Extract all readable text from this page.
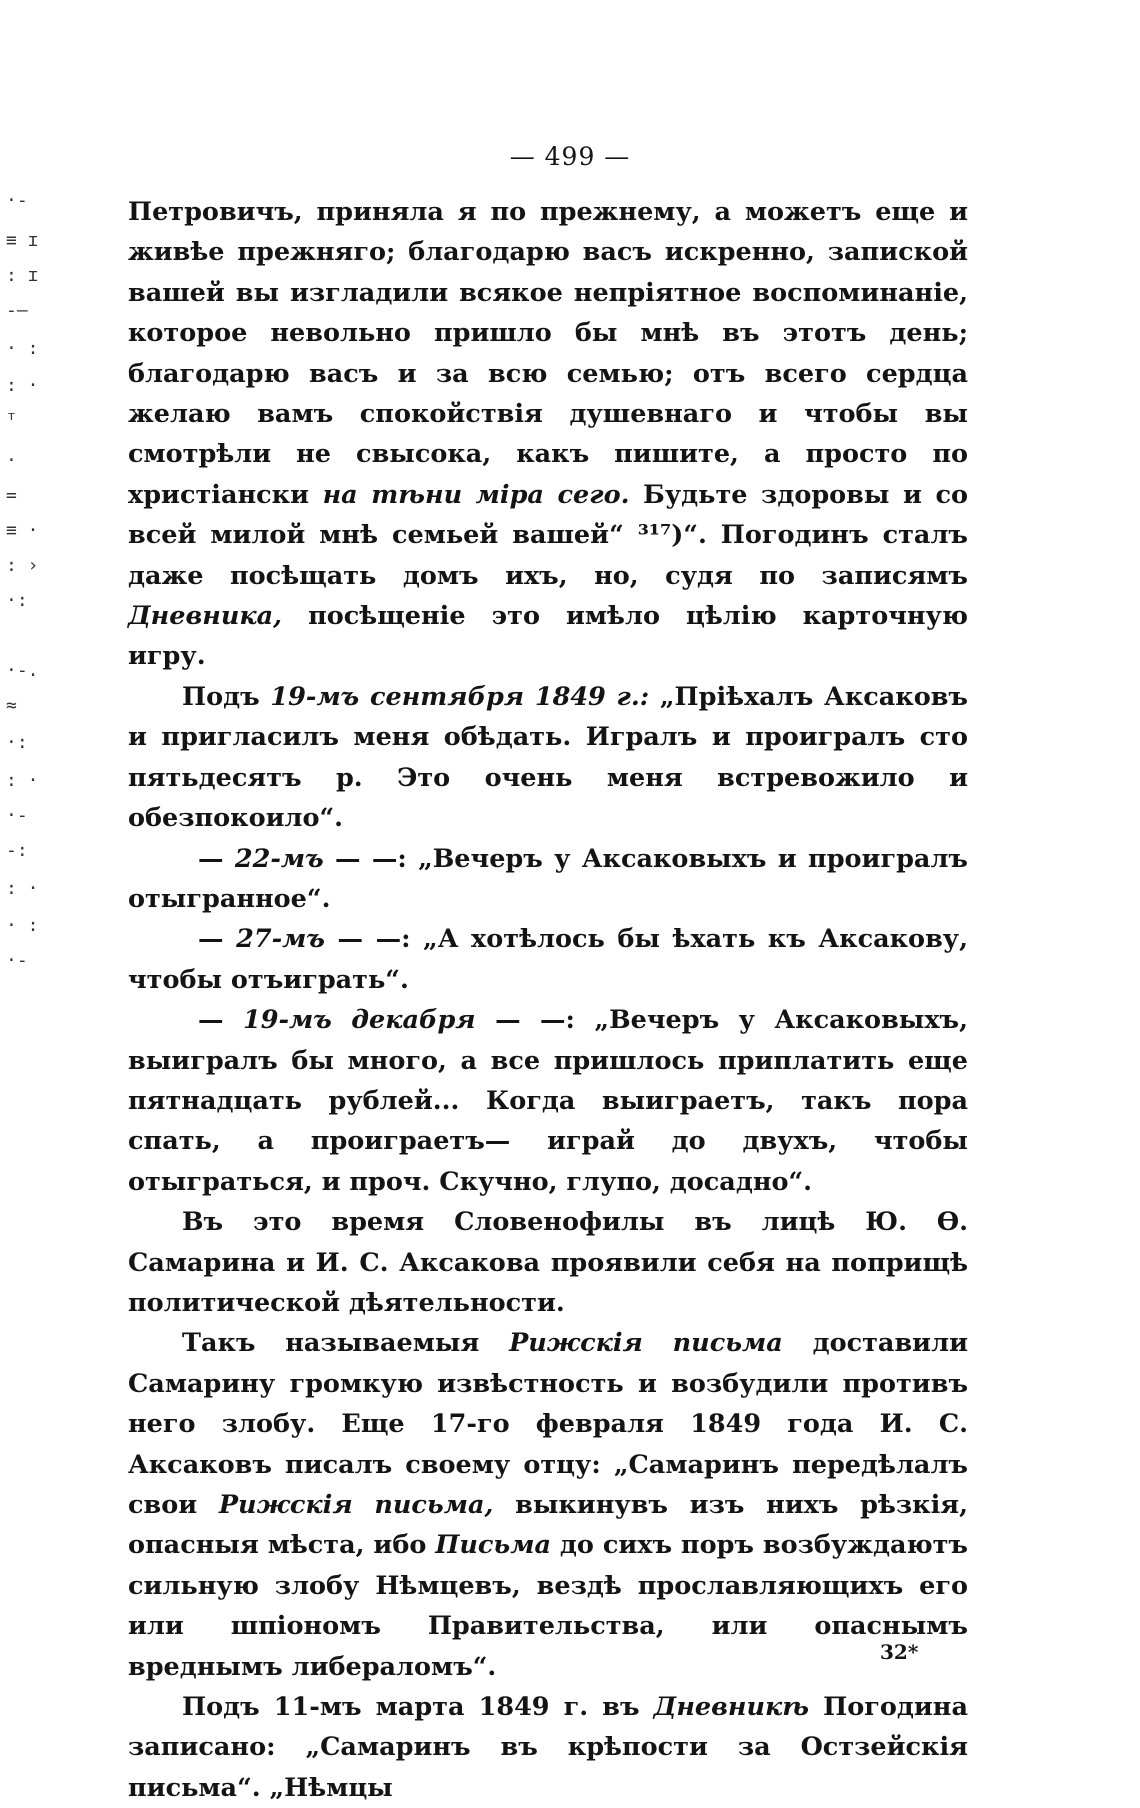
— 499 —
·-
≡ ɪ
: ɪ
-—
· :
: ·
ᵀ
·
=
≡ ·
: ›
·:
·-.
≈
·:
: ·
·-
-:
: ·
· :
·-

Петровичъ, приняла я по прежнему, а можетъ еще и живѣе прежняго; благодарю васъ искренно, запиской вашей вы изгладили всякое непріятное воспоминаніе, которое невольно пришло бы мнѣ въ этотъ день; благодарю васъ и за всю семью; отъ всего сердца желаю вамъ спокойствія душевнаго и чтобы вы смотрѣли не свысока, какъ пишите, а просто по христіански на тѣни міра сего. Будьте здоровы и со всей милой мнѣ семьей вашей“ ³¹⁷)“. Погодинъ сталъ даже посѣщать домъ ихъ, но, судя по записямъ Дневника, посѣщеніе это имѣло цѣлію карточную игру.

Подъ 19-мъ сентября 1849 г.: „Пріѣхалъ Аксаковъ и пригласилъ меня обѣдать. Игралъ и проигралъ сто пятьдесятъ р. Это очень меня встревожило и обезпокоило“.

— 22-мъ — —: „Вечеръ у Аксаковыхъ и проигралъ отыгранное“.

— 27-мъ — —: „А хотѣлось бы ѣхать къ Аксакову, чтобы отъиграть“.

— 19-мъ декабря — —: „Вечеръ у Аксаковыхъ, выигралъ бы много, а все пришлось приплатить еще пятнадцать рублей... Когда выиграетъ, такъ пора спать, а проиграетъ— играй до двухъ, чтобы отыграться, и проч. Скучно, глупо, досадно“.

Въ это время Словенофилы въ лицѣ Ю. Ѳ. Самарина и И. С. Аксакова проявили себя на поприщѣ политической дѣятельности.

Такъ называемыя Рижскія письма доставили Самарину громкую извѣстность и возбудили противъ него злобу. Еще 17-го февраля 1849 года И. С. Аксаковъ писалъ своему отцу: „Самаринъ передѣлалъ свои Рижскія письма, выкинувъ изъ нихъ рѣзкія, опасныя мѣста, ибо Письма до сихъ поръ возбуждаютъ сильную злобу Нѣмцевъ, вездѣ прославляющихъ его или шпіономъ Правительства, или опаснымъ вреднымъ либераломъ“.

Подъ 11-мъ марта 1849 г. въ Дневникѣ Погодина записано: „Самаринъ въ крѣпости за Остзейскія письма“. „Нѣмцы

32*
